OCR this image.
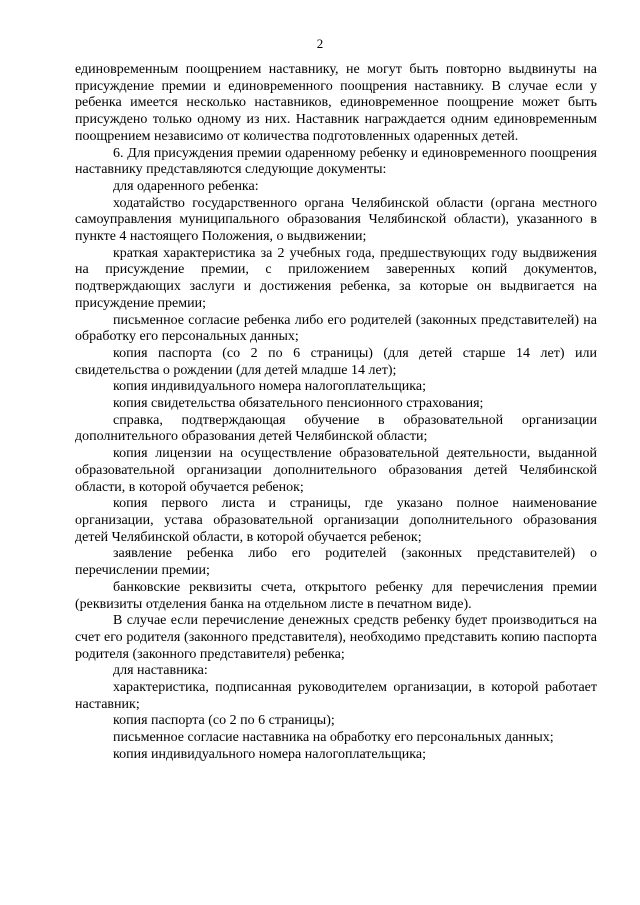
2

единовременным поощрением наставнику, не могут быть повторно выдвинуты на присуждение премии и единовременного поощрения наставнику. В случае если у ребенка имеется несколько наставников, единовременное поощрение может быть присуждено только одному из них. Наставник награждается одним единовременным поощрением независимо от количества подготовленных одаренных детей.

6. Для присуждения премии одаренному ребенку и единовременного поощрения наставнику представляются следующие документы:

для одаренного ребенка:

ходатайство государственного органа Челябинской области (органа местного самоуправления муниципального образования Челябинской области), указанного в пункте 4 настоящего Положения, о выдвижении;

краткая характеристика за 2 учебных года, предшествующих году выдвижения на присуждение премии, с приложением заверенных копий документов, подтверждающих заслуги и достижения ребенка, за которые он выдвигается на присуждение премии;

письменное согласие ребенка либо его родителей (законных представителей) на обработку его персональных данных;

копия паспорта (со 2 по 6 страницы) (для детей старше 14 лет) или свидетельства о рождении (для детей младше 14 лет);

копия индивидуального номера налогоплательщика;

копия свидетельства обязательного пенсионного страхования;

справка, подтверждающая обучение в образовательной организации дополнительного образования детей Челябинской области;

копия лицензии на осуществление образовательной деятельности, выданной образовательной организации дополнительного образования детей Челябинской области, в которой обучается ребенок;

копия первого листа и страницы, где указано полное наименование организации, устава образовательной организации дополнительного образования детей Челябинской области, в которой обучается ребенок;

заявление ребенка либо его родителей (законных представителей) о перечислении премии;

банковские реквизиты счета, открытого ребенку для перечисления премии (реквизиты отделения банка на отдельном листе в печатном виде).

В случае если перечисление денежных средств ребенку будет производиться на счет его родителя (законного представителя), необходимо представить копию паспорта родителя (законного представителя) ребенка;

для наставника:

характеристика, подписанная руководителем организации, в которой работает наставник;

копия паспорта (со 2 по 6 страницы);

письменное согласие наставника на обработку его персональных данных;

копия индивидуального номера налогоплательщика;
